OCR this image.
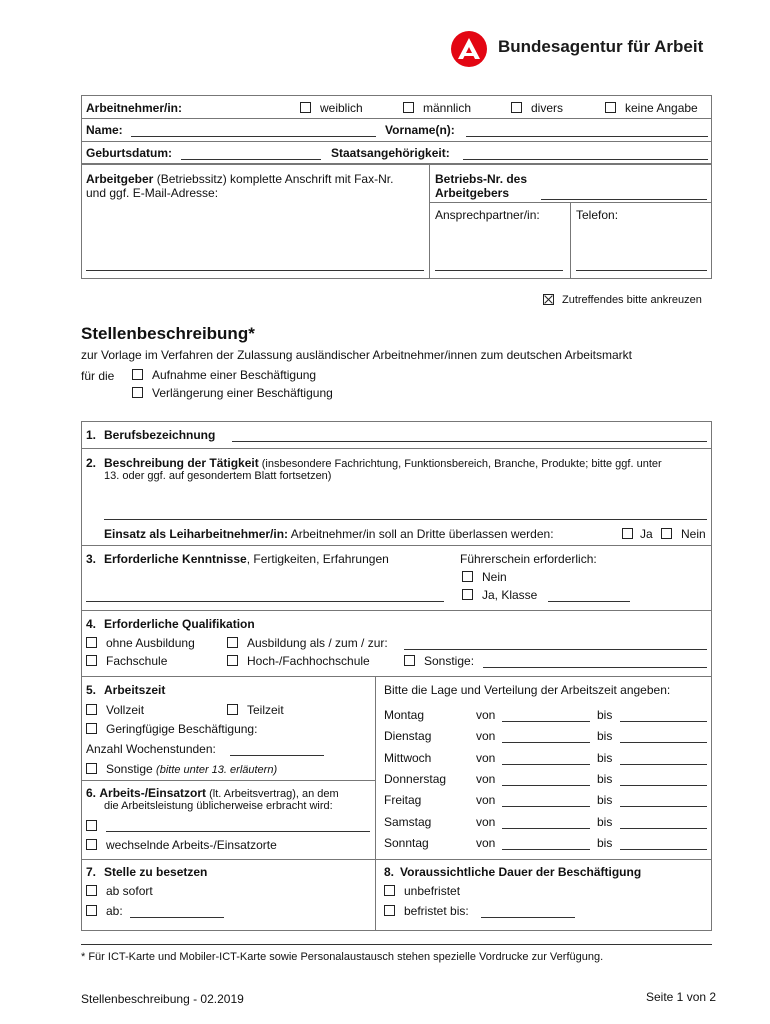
Bundesagentur für Arbeit
Arbeitnehmer/in:	weiblich	männlich	divers	keine Angabe
Name:	Vorname(n):
Geburtsdatum:	Staatsangehörigkeit:
Arbeitgeber (Betriebssitz) komplette Anschrift mit Fax-Nr.
und ggf. E-Mail-Adresse:
Betriebs-Nr. des
Arbeitgebers
Ansprechpartner/in:	Telefon:
Zutreffendes bitte ankreuzen
Stellenbeschreibung*
zur Vorlage im Verfahren der Zulassung ausländischer Arbeitnehmer/innen zum deutschen Arbeitsmarkt
für die	Aufnahme einer Beschäftigung
Verlängerung einer Beschäftigung
1. Berufsbezeichnung
2. Beschreibung der Tätigkeit (insbesondere Fachrichtung, Funktionsbereich, Branche, Produkte; bitte ggf. unter
13. oder ggf. auf gesondertem Blatt fortsetzen)
Einsatz als Leiharbeitnehmer/in: Arbeitnehmer/in soll an Dritte überlassen werden:	Ja Nein
3. Erforderliche Kenntnisse, Fertigkeiten, Erfahrungen	Führerschein erforderlich:
Nein
Ja, Klasse
4. Erforderliche Qualifikation
ohne Ausbildung	Ausbildung als / zum / zur:
Fachschule	Hoch-/Fachhochschule	Sonstige:
5. Arbeitszeit
Vollzeit	Teilzeit
Geringfügige Beschäftigung:
Anzahl Wochenstunden:
Sonstige (bitte unter 13. erläutern)
6. Arbeits-/Einsatzort (lt. Arbeitsvertrag), an dem
die Arbeitsleistung üblicherweise erbracht wird:
wechselnde Arbeits-/Einsatzorte
Bitte die Lage und Verteilung der Arbeitszeit angeben:
Montag	von	bis
Dienstag	von	bis
Mittwoch	von	bis
Donnerstag von	bis
Freitag	von	bis
Samstag	von	bis
Sonntag	von	bis
7. Stelle zu besetzen
ab sofort
ab:
8. Voraussichtliche Dauer der Beschäftigung
unbefristet
befristet bis:
* Für ICT-Karte und Mobiler-ICT-Karte sowie Personalaustausch stehen spezielle Vordrucke zur Verfügung.
Stellenbeschreibung - 02.2019	Seite 1 von 2
